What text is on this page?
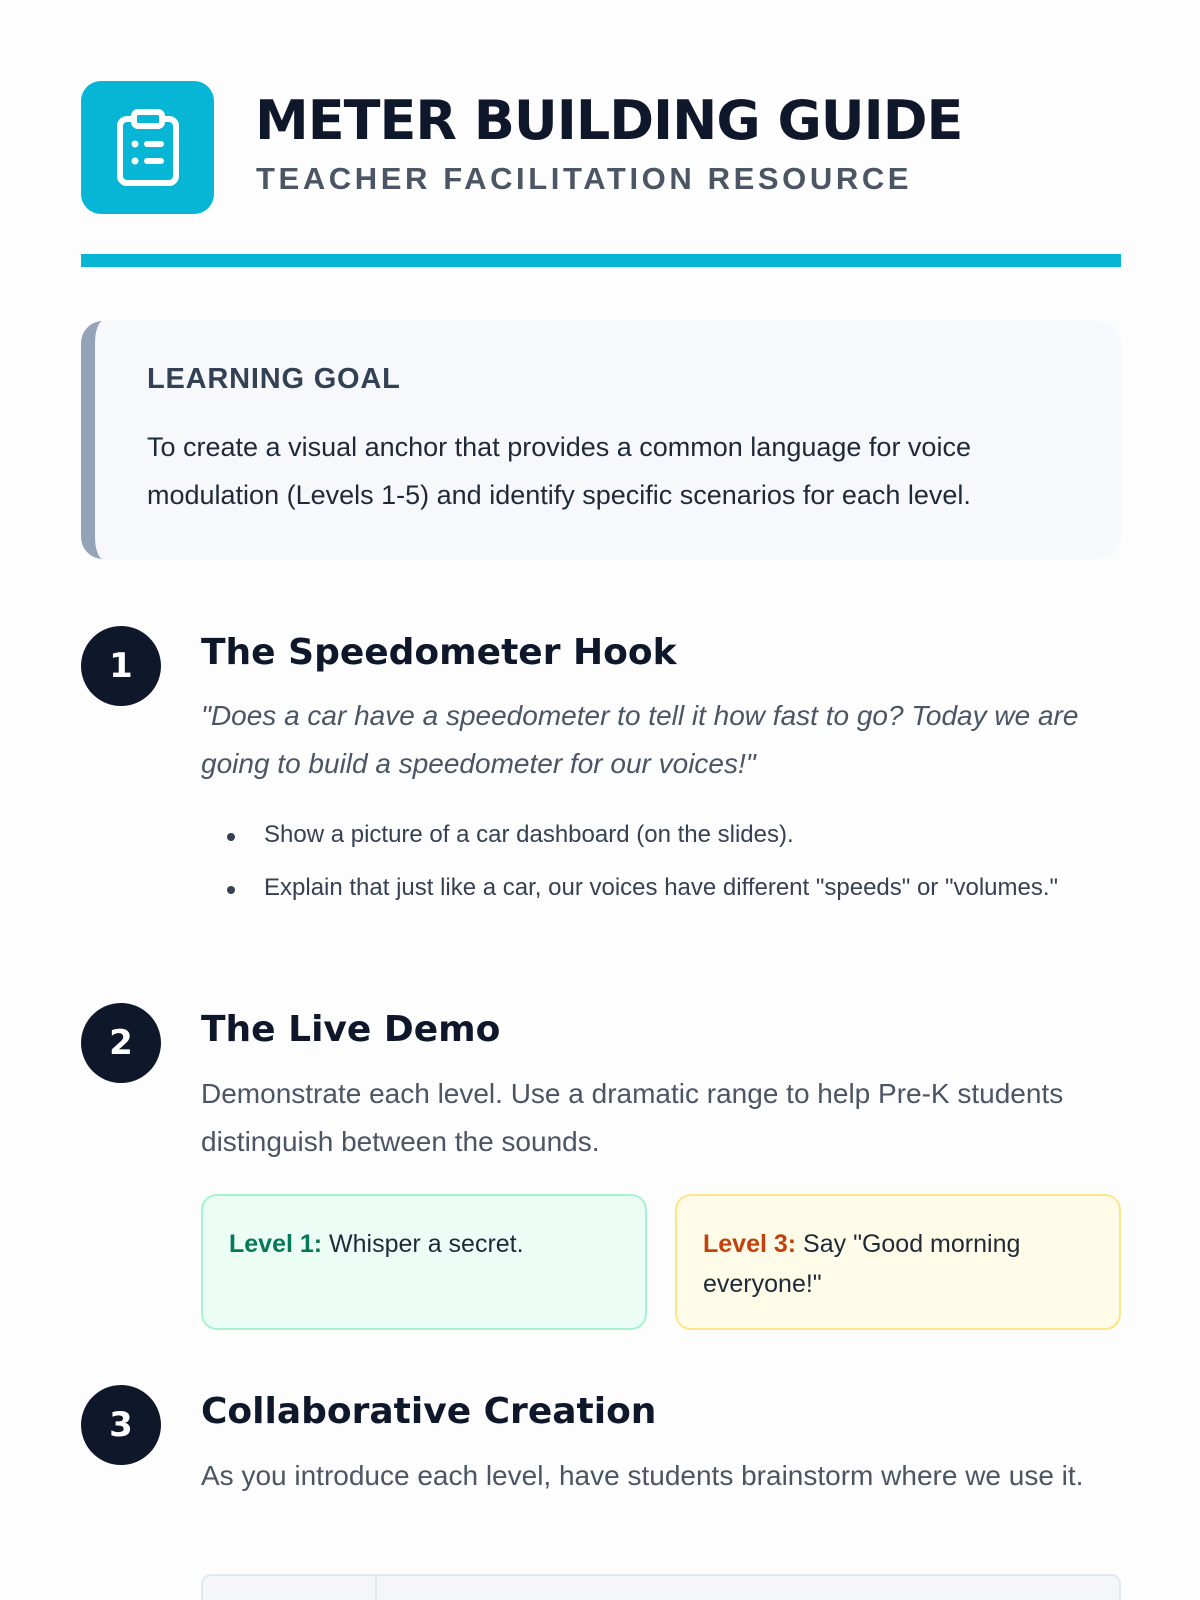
METER BUILDING GUIDE
TEACHER FACILITATION RESOURCE
LEARNING GOAL

To create a visual anchor that provides a common language for voice modulation (Levels 1-5) and identify specific scenarios for each level.

1	The Speedometer Hook

"Does a car have a speedometer to tell it how fast to go? Today we are going to build a speedometer for our voices!"

Show a picture of a car dashboard (on the slides).
Explain that just like a car, our voices have different "speeds" or "volumes."
2	The Live Demo

Demonstrate each level. Use a dramatic range to help Pre-K students distinguish between the sounds.

Level 1: Whisper a secret.	Level 3: Say "Good morning everyone!"
3	Collaborative Creation

As you introduce each level, have students brainstorm where we use it.
